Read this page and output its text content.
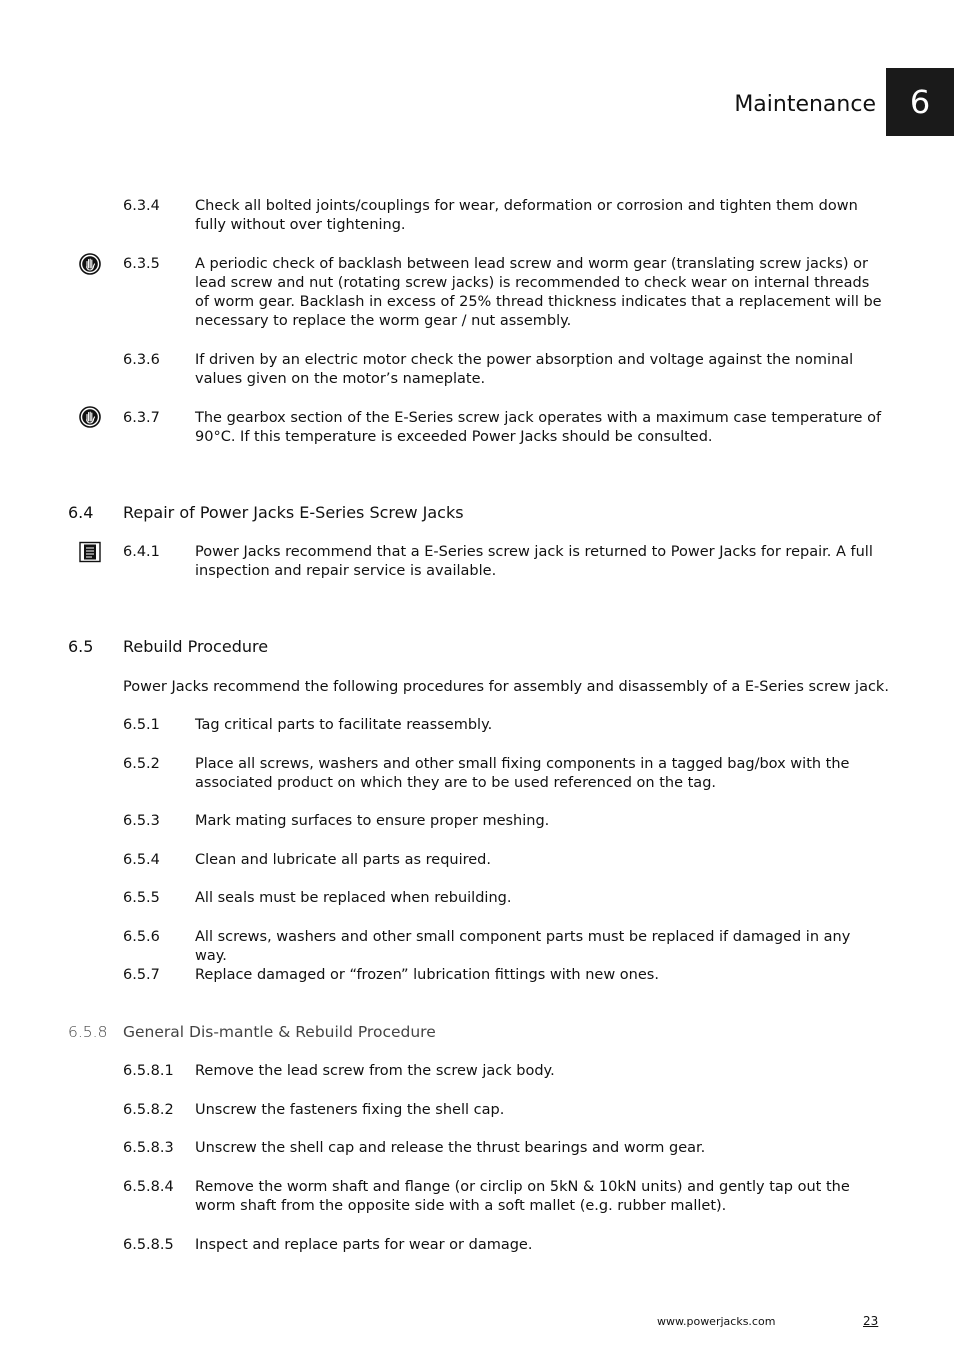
Maintenance	6
6.3.4 Check all bolted joints/couplings for wear, deformation or corrosion and tighten them down fully without over tightening.
6.3.5 A periodic check of backlash between lead screw and worm gear (translating screw jacks) or lead screw and nut (rotating screw jacks) is recommended to check wear on internal threads of worm gear. Backlash in excess of 25% thread thickness indicates that a replacement will be necessary to replace the worm gear / nut assembly.
6.3.6 If driven by an electric motor check the power absorption and voltage against the nominal values given on the motor’s nameplate.
6.3.7 The gearbox section of the E-Series screw jack operates with a maximum case temperature of 90°C. If this temperature is exceeded Power Jacks should be consulted.
6.4 Repair of Power Jacks E-Series Screw Jacks
6.4.1 Power Jacks recommend that a E-Series screw jack is returned to Power Jacks for repair. A full inspection and repair service is available.
6.5 Rebuild Procedure
Power Jacks recommend the following procedures for assembly and disassembly of a E-Series screw jack.
6.5.1 Tag critical parts to facilitate reassembly.
6.5.2 Place all screws, washers and other small fixing components in a tagged bag/box with the associated product on which they are to be used referenced on the tag.
6.5.3 Mark mating surfaces to ensure proper meshing.
6.5.4 Clean and lubricate all parts as required.
6.5.5 All seals must be replaced when rebuilding.
6.5.6 All screws, washers and other small component parts must be replaced if damaged in any way.
6.5.7 Replace damaged or “frozen” lubrication fittings with new ones.
6.5.8 General Dis-mantle & Rebuild Procedure
6.5.8.1 Remove the lead screw from the screw jack body.
6.5.8.2 Unscrew the fasteners fixing the shell cap.
6.5.8.3 Unscrew the shell cap and release the thrust bearings and worm gear.
6.5.8.4 Remove the worm shaft and flange (or circlip on 5kN & 10kN units) and gently tap out the worm shaft from the opposite side with a soft mallet (e.g. rubber mallet).
6.5.8.5 Inspect and replace parts for wear or damage.
www.powerjacks.com	23
